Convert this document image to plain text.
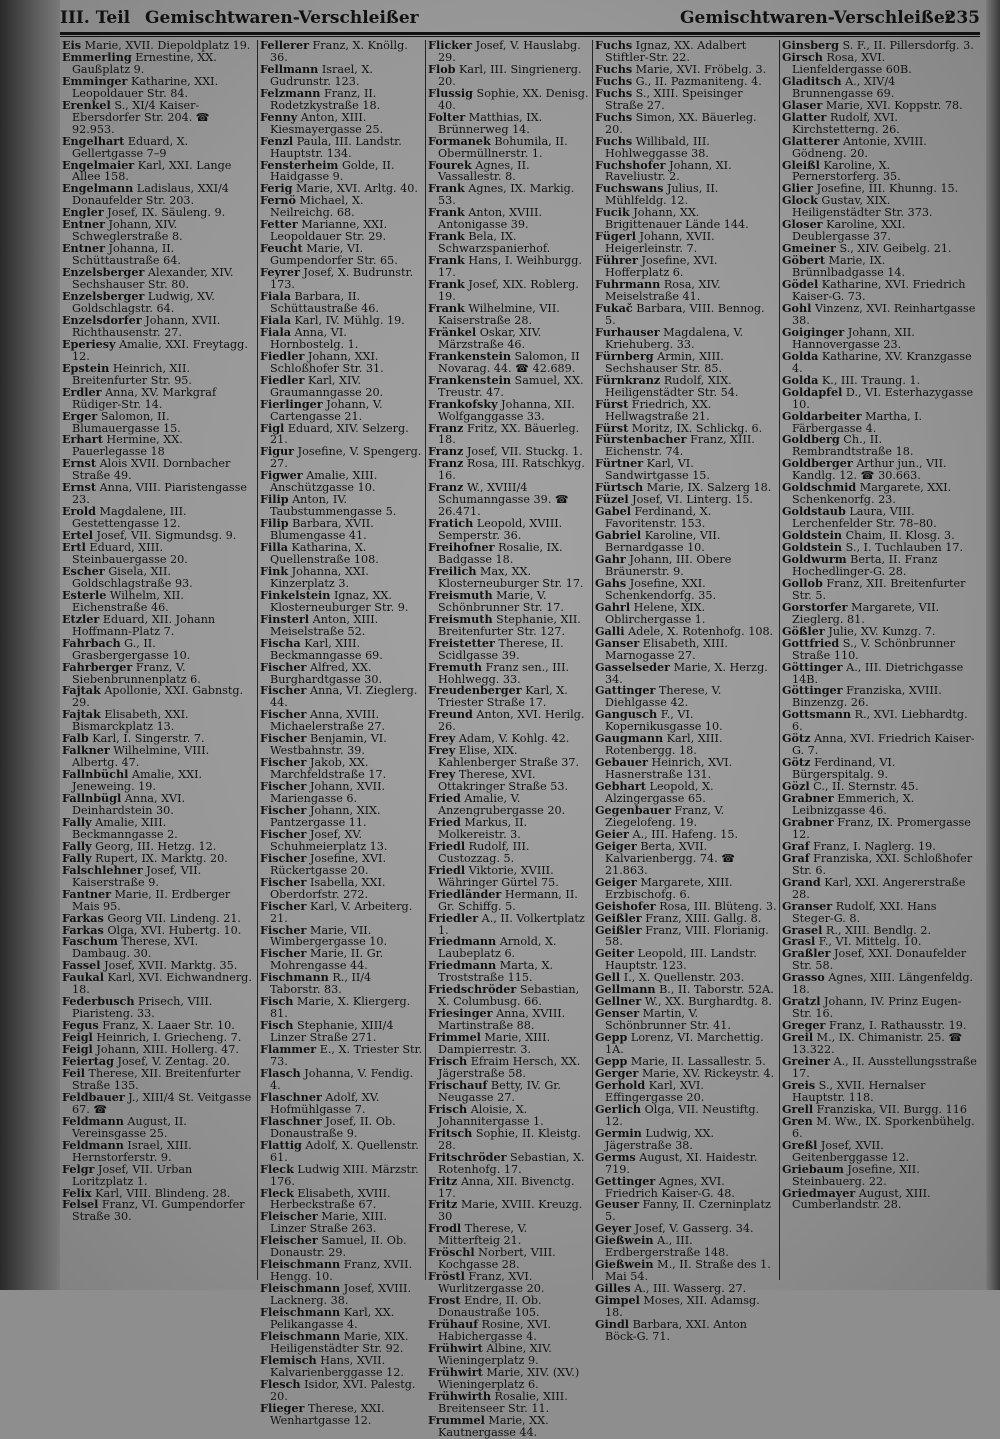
III. Teil Gemischtwaren-Verschleißer	Gemischtwaren-Verschleißer
235
Eis Marie, XVII. Diepoldplatz 19.
Emmerling Ernestine, XX. Gaußplatz 9.
Emminger Katharine, XXI. Leopoldauer Str. 84.
Erenkel S., XI/4 Kaiser-Ebersdorfer Str. 204. ☎ 92.953.
Engelhart Eduard, X. Gellertgasse 7–9
Engelmaier Karl, XXI. Lange Allee 158.
Engelmann Ladislaus, XXI/4 Donaufelder Str. 203.
Engler Josef, IX. Säuleng. 9.
Entner Johann, XIV. Schweglerstraße 8.
Entner Johanna, II. Schüttaustraße 64.
Enzelsberger Alexander, XIV. Sechshauser Str. 80.
Enzelsberger Ludwig, XV. Goldschlagstr. 64.
Enzelsdorfer Johann, XVII. Richthausenstr. 27.
Eperiesy Amalie, XXI. Freytagg. 12.
Epstein Heinrich, XII. Breitenfurter Str. 95.
Erdler Anna, XV. Markgraf Rüdiger-Str. 14.
Erger Salomon, II. Blumauergasse 15.
Erhart Hermine, XX. Pauerlegasse 18
Ernst Alois XVII. Dornbacher Straße 49.
Ernst Anna, VIII. Piaristengasse 23.
Erold Magdalene, III. Gestettengasse 12.
Ertel Josef, VII. Sigmundsg. 9.
Ertl Eduard, XIII. Steinbauergasse 20.
Escher Gisela, XII. Goldschlagstraße 93.
Esterle Wilhelm, XII. Eichenstraße 46.
Etzler Eduard, XII. Johann Hoffmann-Platz 7.
Fahrbach G., II. Grasbergergasse 10.
Fahrberger Franz, V. Siebenbrunnenplatz 6.
Fajtak Apollonie, XXI. Gabnstg. 29.
Fajtak Elisabeth, XXI. Bismarckplatz 13.
Falb Karl, I. Singerstr. 7.
Falkner Wilhelmine, VIII. Albertg. 47.
Fallnbüchl Amalie, XXI. Jeneweing. 19.
Fallnbügl Anna, XVI. Deinhardstein 30.
Fally Amalie, XIII. Beckmanngasse 2.
Fally Georg, III. Hetzg. 12.
Fally Rupert, IX. Marktg. 20.
Falschlehner Josef, VII. Kaiserstraße 9.
Fantner Marie, II. Erdberger Mais 95.
Farkas Georg VII. Lindeng. 21.
Farkas Olga, XVI. Hubertg. 10.
Faschum Therese, XVI. Dambaug. 30.
Fassel Josef, XVII. Marktg. 35.
Faukal Karl, XVI. Eichwandnerg. 18.
Federbusch Prisech, VIII. Piaristeng. 33.
Fegus Franz, X. Laaer Str. 10.
Feigl Heinrich, I. Griecheng. 7.
Feigl Johann, XIII. Hollerg. 47.
Feiertag Josef, V. Zentag. 20.
Feil Therese, XII. Breitenfurter Straße 135.
Feldbauer J., XIII/4 St. Veitgasse 67. ☎
Feldmann August, II. Vereinsgasse 25.
Feldmann Israel, XIII. Hernstorferstr. 9.
Felgr Josef, VII. Urban Loritzplatz 1.
Felix Karl, VIII. Blindeng. 28.
Felsel Franz, VI. Gumpendorfer Straße 30.
Fellerer Franz, X. Knöllg. 36.
Fellmann Israel, X. Gudrunstr. 123.
Felzmann Franz, II. Rodetzkystraße 18.
Fenny Anton, XIII. Kiesmayergasse 25.
Fenzl Paula, III. Landstr. Hauptstr. 134.
Fensterheim Golde, II. Haidgasse 9.
Ferig Marie, XVI. Arltg. 40.
Fernö Michael, X. Neilreichg. 68.
Fetter Marianne, XXI. Leopoldauer Str. 29.
Feucht Marie, VI. Gumpendorfer Str. 65.
Feyrer Josef, X. Budrunstr. 173.
Fiala Barbara, II. Schüttaustraße 46.
Fiala Karl, IV. Mühlg. 19.
Fiala Anna, VI. Hornbostelg. 1.
Fiedler Johann, XXI. Schloßhofer Str. 31.
Fiedler Karl, XIV. Graumanngasse 20.
Fierlinger Johann, V. Cartengasse 21.
Figl Eduard, XIV. Selzerg. 21.
Figur Josefine, V. Spengerg. 27.
Figwer Amalie, XIII. Anschützgasse 10.
Filip Anton, IV. Taubstummengasse 5.
Filip Barbara, XVII. Blumengasse 41.
Filla Katharina, X. Quellenstraße 108.
Fink Johanna, XXI. Kinzerplatz 3.
Finkelstein Ignaz, XX. Klosterneuburger Str. 9.
Finsterl Anton, XIII. Meiselstraße 52.
Fischa Karl, XIII. Beckmanngasse 69.
Fischer Alfred, XX. Burghardtgasse 30.
Fischer Anna, VI. Zieglerg. 44.
Fischer Anna, XVIII. Michaelerstraße 27.
Fischer Benjamin, VI. Westbahnstr. 39.
Fischer Jakob, XX. Marchfeldstraße 17.
Fischer Johann, XVII. Mariengasse 6.
Fischer Johann, XIX. Pantzergasse 11.
Fischer Josef, XV. Schuhmeierplatz 13.
Fischer Josefine, XVI. Rückertgasse 20.
Fischer Isabella, XXI. Oberdorfstr. 272.
Fischer Karl, V. Arbeiterg. 21.
Fischer Marie, VII. Wimbergergasse 10.
Fischer Marie, II. Gr. Mohrengasse 44.
Fischmann R., II/4 Taborstr. 83.
Fisch Marie, X. Kliergerg. 81.
Fisch Stephanie, XIII/4 Linzer Straße 271.
Flammer E., X. Triester Str. 73.
Flasch Johanna, V. Fendig. 4.
Flaschner Adolf, XV. Hofmühlgasse 7.
Flaschner Josef, II. Ob. Donaustraße 9.
Flattig Adolf, X. Quellenstr. 61.
Fleck Ludwig XIII. Märzstr. 176.
Fleck Elisabeth, XVIII. Herbeckstraße 67.
Fleischer Marie, XIII. Linzer Straße 263.
Fleischer Samuel, II. Ob. Donaustr. 29.
Fleischmann Franz, XVII. Hengg. 10.
Fleischmann Josef, XVIII. Lacknerg. 38.
Fleischmann Karl, XX. Pelikangasse 4.
Fleischmann Marie, XIX. Heiligenstädter Str. 92.
Flemisch Hans, XVII. Kalvarienberggasse 12.
Flesch Isidor, XVI. Palestg. 20.
Flieger Therese, XXI. Wenhartgasse 12.
Flicker Josef, V. Hauslabg. 29.
Flob Karl, III. Singrienerg. 20.
Flussig Sophie, XX. Denisg. 40.
Folter Matthias, IX. Brünnerweg 14.
Formanek Bohumila, II. Obermüllnerstr. 1.
Fourek Agnes, II. Vassallestr. 8.
Frank Agnes, IX. Markig. 53.
Frank Anton, XVIII. Antonigasse 39.
Frank Bela, IX. Schwarzspanierhof.
Frank Hans, I. Weihburgg. 17.
Frank Josef, XIX. Roblerg. 19.
Frank Wilhelmine, VII. Kaiserstraße 28.
Fränkel Oskar, XIV. Märzstraße 46.
Frankenstein Salomon, II Novarag. 44. ☎ 42.689.
Frankenstein Samuel, XX. Treustr. 47.
Frankofsky Johanna, XII. Wolfganggasse 33.
Franz Fritz, XX. Bäuerleg. 18.
Franz Josef, VII. Stuckg. 1.
Franz Rosa, III. Ratschkyg. 16.
Franz W., XVIII/4 Schumanngasse 39. ☎ 26.471.
Fratich Leopold, XVIII. Semperstr. 36.
Freihofner Rosalie, IX. Badgasse 18.
Freilich Max, XX. Klosterneuburger Str. 17.
Freismuth Marie, V. Schönbrunner Str. 17.
Freismuth Stephanie, XII. Breitenfurter Str. 127.
Freistetter Therese, II. Scidlgasse 39.
Fremuth Franz sen., III. Hohlwegg. 33.
Freudenberger Karl, X. Triester Straße 17.
Freund Anton, XVI. Herilg. 26.
Frey Adam, V. Kohlg. 42.
Frey Elise, XIX. Kahlenberger Straße 37.
Frey Therese, XVI. Ottakringer Straße 53.
Fried Amalie, V. Anzengrubergasse 20.
Fried Markus, II. Molkereistr. 3.
Friedl Rudolf, III. Custozzag. 5.
Friedl Viktorie, XVIII. Währinger Gürtel 75.
Friedländer Hermann, II. Gr. Schiffg. 5.
Friedler A., II. Volkertplatz 1.
Friedmann Arnold, X. Laubeplatz 6.
Friedmann Marta, X. Troststraße 115.
Friedschröder Sebastian, X. Columbusg. 66.
Friesinger Anna, XVIII. Martinstraße 88.
Frimmel Marie, XIII. Dampierrestr. 3.
Frisch Efraim Hersch, XX. Jägerstraße 58.
Frischauf Betty, IV. Gr. Neugasse 27.
Frisch Aloisie, X. Johannitergasse 1.
Fritsch Sophie, II. Kleistg. 28.
Fritschröder Sebastian, X. Rotenhofg. 17.
Fritz Anna, XII. Bivenctg. 17.
Fritz Marie, XVIII. Kreuzg. 30
Frodl Therese, V. Mitterfteig 21.
Fröschl Norbert, VIII. Kochgasse 28.
Fröstl Franz, XVI. Wurlitzergasse 20.
Frost Endre, II. Ob. Donaustraße 105.
Frühauf Rosine, XVI. Habichergasse 4.
Frühwirt Albine, XIV. Wieningerplatz 9.
Frühwirt Marie, XIV. (XV.) Wieningerplatz 6.
Frühwirth Rosalie, XIII. Breitenseer Str. 11.
Frummel Marie, XX. Kautnergasse 44.
Fuchs Ignaz, XX. Adalbert Stiftler-Str. 22.
Fuchs Marie, XVI. Fröbelg. 3.
Fuchs G., II. Pazmaniteng. 4.
Fuchs S., XIII. Speisinger Straße 27.
Fuchs Simon, XX. Bäuerleg. 20.
Fuchs Willibald, III. Hohlweggasse 38.
Fuchshofer Johann, XI. Raveliustr. 2.
Fuchswans Julius, II. Mühlfeldg. 12.
Fucik Johann, XX. Brigittenauer Lände 144.
Fügerl Johann, XVII. Heigerleinstr. 7.
Führer Josefine, XVI. Hofferplatz 6.
Fuhrmann Rosa, XIV. Meiselstraße 41.
Fukač Barbara, VIII. Bennog. 5.
Furhauser Magdalena, V. Kriehuberg. 33.
Fürnberg Armin, XIII. Sechshauser Str. 85.
Fürnkranz Rudolf, XIX. Heiligenstädter Str. 54.
Fürst Friedrich, XX. Hellwagstraße 21.
Fürst Moritz, IX. Schlickg. 6.
Fürstenbacher Franz, XIII. Eichenstr. 74.
Fürtner Karl, VI. Sandwirtgasse 15.
Fürtsch Marie, IX. Salzerg 18.
Füzel Josef, VI. Linterg. 15.
Gabel Ferdinand, X. Favoritenstr. 153.
Gabriel Karoline, VII. Bernardgasse 10.
Gahr Johann, III. Obere Bräunerstr. 9.
Gahs Josefine, XXI. Schenkendorfg. 35.
Gahrl Helene, XIX. Oblirchergasse 1.
Galli Adele, X. Rotenhofg. 108.
Ganser Elisabeth, XIII. Marnogasse 27.
Gasselseder Marie, X. Herzg. 34.
Gattinger Therese, V. Diehlgasse 42.
Gangusch F., VI. Kopernikusgasse 10.
Gaugmann Karl, XIII. Rotenbergg. 18.
Gebauer Heinrich, XVI. Hasnerstraße 131.
Gebhart Leopold, X. Alzingergasse 65.
Gegenbauer Franz, V. Ziegelofeng. 19.
Geier A., III. Hafeng. 15.
Geiger Berta, XVII. Kalvarienbergg. 74. ☎ 21.863.
Geiger Margarete, XIII. Erzbischofg. 6.
Geishofer Rosa, III. Blüteng. 3.
Geißler Franz, XIII. Gallg. 8.
Geißler Franz, VIII. Florianig. 58.
Geiter Leopold, III. Landstr. Hauptstr. 123.
Gell I., X. Quellenstr. 203.
Gellmann B., II. Taborstr. 52A.
Gellner W., XX. Burghardtg. 8.
Genser Martin, V. Schönbrunner Str. 41.
Gepp Lorenz, VI. Marchettig. 1A.
Gepp Marie, II. Lassallestr. 5.
Gerger Marie, XV. Rickeystr. 4.
Gerhold Karl, XVI. Effingergasse 20.
Gerlich Olga, VII. Neustiftg. 12.
Germin Ludwig, XX. Jägerstraße 38.
Germs August, XI. Haidestr. 719.
Gettinger Agnes, XVI. Friedrich Kaiser-G. 48.
Geuser Fanny, II. Czerninplatz 5.
Geyer Josef, V. Gasserg. 34.
Gießwein A., III. Erdbergerstraße 148.
Gießwein M., II. Straße des 1. Mai 54.
Gilles A., III. Wasserg. 27.
Gimpel Moses, XII. Adamsg. 18.
Gindl Barbara, XXI. Anton Böck-G. 71.
Ginsberg S. F., II. Pillersdorfg. 3.
Girsch Rosa, XVI. Lienfeldergasse 60B.
Gladitsch A., XIV/4 Brunnengasse 69.
Glaser Marie, XVI. Koppstr. 78.
Glatter Rudolf, XVI. Kirchstetterng. 26.
Glatterer Antonie, XVIII. Gödneng. 20.
Gleißl Karoline, X. Pernerstorferg. 35.
Glier Josefine, III. Khunng. 15.
Glock Gustav, XIX. Heiligenstädter Str. 373.
Gloser Karoline, XXI. Deublergasse 37.
Gmeiner S., XIV. Geibelg. 21.
Göbert Marie, IX. Brünnlbadgasse 14.
Gödel Katharine, XVI. Friedrich Kaiser-G. 73.
Gohl Vinzenz, XVI. Reinhartgasse 38.
Goiginger Johann, XII. Hannovergasse 23.
Golda Katharine, XV. Kranzgasse 4.
Golda K., III. Traung. 1.
Goldapfel D., VI. Esterhazygasse 10.
Goldarbeiter Martha, I. Färbergasse 4.
Goldberg Ch., II. Rembrandtstraße 18.
Goldberger Arthur jun., VII. Kandlg. 12. ☎ 30.663.
Goldschmid Margarete, XXI. Schenkenorfg. 23.
Goldstaub Laura, VIII. Lerchenfelder Str. 78–80.
Goldstein Chaim, II. Klosg. 3.
Goldstein S., I. Tuchlauben 17.
Goldwurm Berta, II. Franz Hochedlinger-G. 28.
Gollob Franz, XII. Breitenfurter Str. 5.
Gorstorfer Margarete, VII. Zieglerg. 81.
Gößler Julie, XV. Kunzg. 7.
Gottfried S., V. Schönbrunner Straße 110.
Göttinger A., III. Dietrichgasse 14B.
Göttinger Franziska, XVIII. Binzenzg. 26.
Gottsmann R., XVI. Liebhardtg. 6.
Götz Anna, XVI. Friedrich Kaiser-G. 7.
Götz Ferdinand, VI. Bürgerspitalg. 9.
Gözl C., II. Sternstr. 45.
Grabner Emmerich, X. Leibnizgasse 46.
Grabner Franz, IX. Promergasse 12.
Graf Franz, I. Naglerg. 19.
Graf Franziska, XXI. Schloßhofer Str. 6.
Grand Karl, XXI. Angererstraße 28.
Granser Rudolf, XXI. Hans Steger-G. 8.
Grasel R., XIII. Bendlg. 2.
Grasl F., VI. Mittelg. 10.
Graßler Josef, XXI. Donaufelder Str. 58.
Grasso Agnes, XIII. Längenfeldg. 18.
Gratzl Johann, IV. Prinz Eugen-Str. 16.
Greger Franz, I. Rathausstr. 19.
Greil M., IX. Chimanistr. 25. ☎ 13.322.
Greiner A., II. Ausstellungsstraße 17.
Greis S., XVII. Hernalser Hauptstr. 118.
Grell Franziska, VII. Burgg. 116
Gren M. Ww., IX. Sporkenbühelg. 6.
Greßl Josef, XVII. Geitenberggasse 12.
Griebaum Josefine, XII. Steinbauerg. 22.
Griedmayer August, XIII. Cumberlandstr. 28.
